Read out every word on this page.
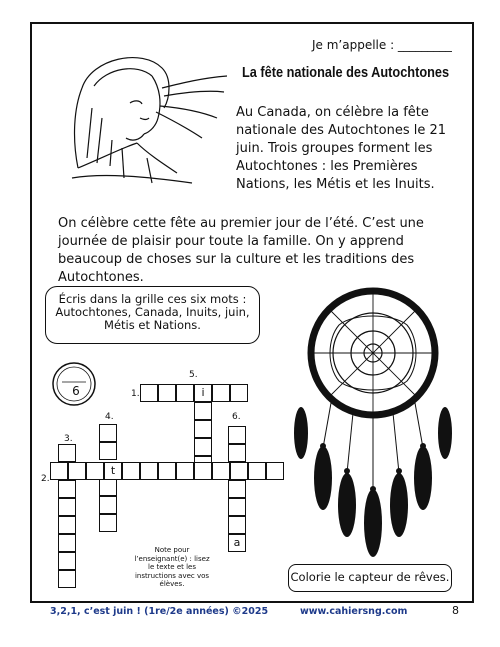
Je m’appelle : _________
La fête nationale des Autochtones
Au Canada, on célèbre la fête nationale des Autochtones le 21 juin. Trois groupes forment les Autochtones : les Premières Nations, les Métis et les Inuits.
On célèbre cette fête au premier jour de l’été. C’est une journée de plaisir pour toute la famille. On y apprend beaucoup de choses sur la culture et les traditions des Autochtones.
Écris dans la grille ces six mots : Autochtones, Canada, Inuits, juin, Métis et Nations.
6	1.
2.
3.
4.
5.
6.
i
t
a
Note pour l’enseignant(e) : lisez le texte et les instructions avec vos élèves.	Colorie le capteur de rêves.
3,2,1, c’est juin ! (1re/2e années) ©2025	www.cahiersng.com	8
